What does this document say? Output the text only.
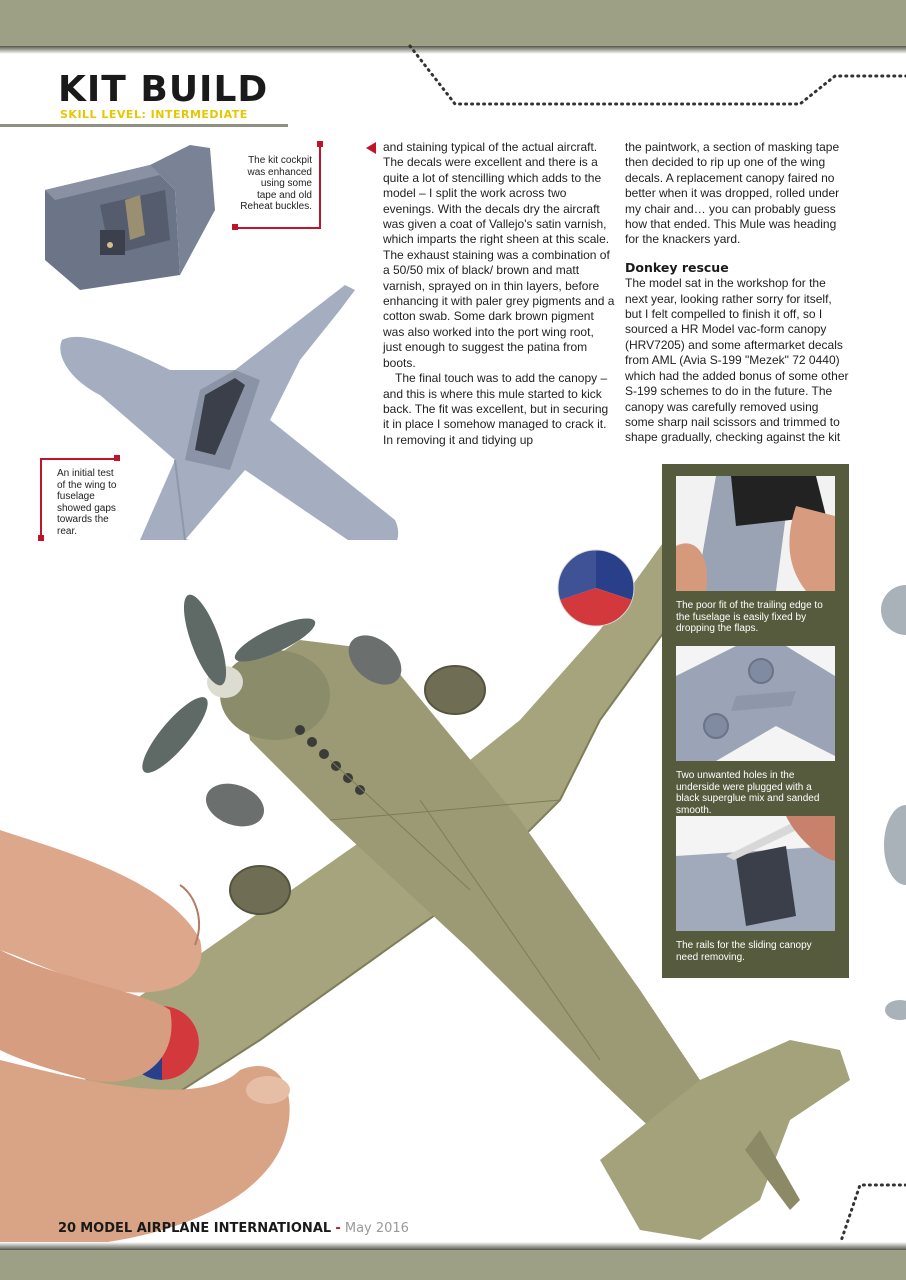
KIT BUILD
SKILL LEVEL: INTERMEDIATE
The kit cockpit was enhanced using some tape and old Reheat buckles.
An initial test of the wing to fuselage showed gaps towards the rear.

and staining typical of the actual aircraft. The decals were excellent and there is a quite a lot of stencilling which adds to the model – I split the work across two evenings. With the decals dry the aircraft was given a coat of Vallejo's satin varnish, which imparts the right sheen at this scale. The exhaust staining was a combination of a 50/50 mix of black/ brown and matt varnish, sprayed on in thin layers, before enhancing it with paler grey pigments and a cotton swab. Some dark brown pigment was also worked into the port wing root, just enough to suggest the patina from boots.

The final touch was to add the canopy – and this is where this mule started to kick back. The fit was excellent, but in securing it in place I somehow managed to crack it. In removing it and tidying up

the paintwork, a section of masking tape then decided to rip up one of the wing decals. A replacement canopy faired no better when it was dropped, rolled under my chair and… you can probably guess how that ended. This Mule was heading for the knackers yard.

Donkey rescue

The model sat in the workshop for the next year, looking rather sorry for itself, but I felt compelled to finish it off, so I sourced a HR Model vac-form canopy (HRV7205) and some aftermarket decals from AML (Avia S-199 "Mezek" 72 0440) which had the added bonus of some other S-199 schemes to do in the future. The canopy was carefully removed using some sharp nail scissors and trimmed to shape gradually, checking against the kit

The poor fit of the trailing edge to the fuselage is easily fixed by dropping the flaps.
Two unwanted holes in the underside were plugged with a black superglue mix and sanded smooth.
The rails for the sliding canopy need removing.
20 MODEL AIRPLANE INTERNATIONAL - May 2016
